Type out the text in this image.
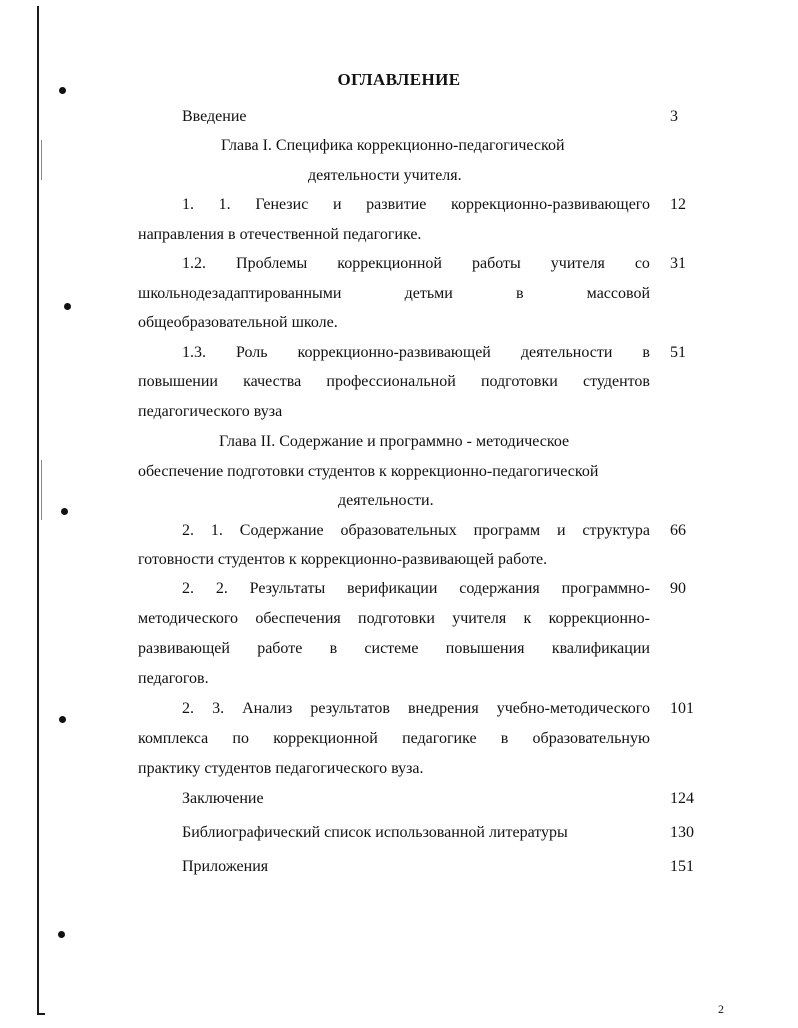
ОГЛАВЛЕНИЕ
Введение	3
Глава I. Специфика коррекционно-педагогической
деятельности учителя.
1. 1. Генезис и развитие коррекционно-развивающего 12
направления в отечественной педагогике.
1.2. Проблемы коррекционной работы учителя со 31
школьнодезадаптированными	детьми	в	массовой
общеобразовательной школе.
1.3. Роль коррекционно-развивающей деятельности в 51
повышении качества профессиональной подготовки студентов
педагогического вуза
Глава II. Содержание и программно - методическое
обеспечение подготовки студентов к коррекционно-педагогической
деятельности.
2. 1. Содержание образовательных программ и структура 66
готовности студентов к коррекционно-развивающей работе.
2. 2. Результаты верификации содержания программно- 90
методического обеспечения подготовки учителя к коррекционно-
развивающей работе в системе повышения квалификации
педагогов.
2. 3. Анализ результатов внедрения учебно-методического 101
комплекса по коррекционной педагогике в образовательную
практику студентов педагогического вуза.
Заключение	124
Библиографический список использованной литературы	130
Приложения	151
2
